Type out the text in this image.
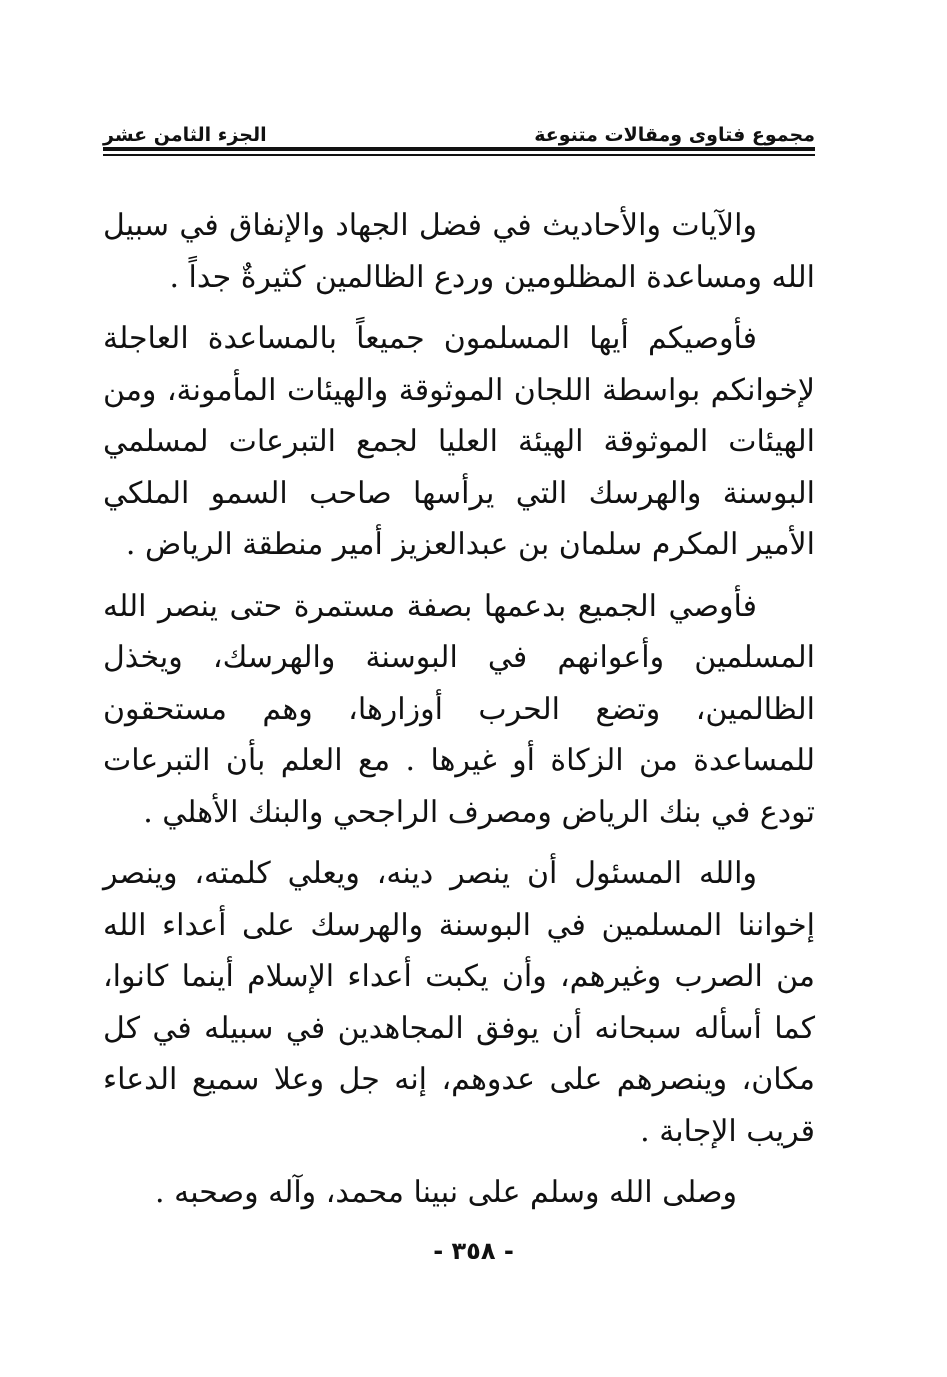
مجموع فتاوى ومقالات متنوعة
الجزء الثامن عشر

والآيات والأحاديث في فضل الجهاد والإنفاق في سبيل الله ومساعدة المظلومين وردع الظالمين كثيرةٌ جداً .

فأوصيكم أيها المسلمون جميعاً بالمساعدة العاجلة لإخوانكم بواسطة اللجان الموثوقة والهيئات المأمونة، ومن الهيئات الموثوقة الهيئة العليا لجمع التبرعات لمسلمي البوسنة والهرسك التي يرأسها صاحب السمو الملكي الأمير المكرم سلمان بن عبدالعزيز أمير منطقة الرياض .

فأوصي الجميع بدعمها بصفة مستمرة حتى ينصر الله المسلمين وأعوانهم في البوسنة والهرسك، ويخذل الظالمين، وتضع الحرب أوزارها، وهم مستحقون للمساعدة من الزكاة أو غيرها . مع العلم بأن التبرعات تودع في بنك الرياض ومصرف الراجحي والبنك الأهلي .

والله المسئول أن ينصر دينه، ويعلي كلمته، وينصر إخواننا المسلمين في البوسنة والهرسك على أعداء الله من الصرب وغيرهم، وأن يكبت أعداء الإسلام أينما كانوا، كما أسأله سبحانه أن يوفق المجاهدين في سبيله في كل مكان، وينصرهم على عدوهم، إنه جل وعلا سميع الدعاء قريب الإجابة .

وصلى الله وسلم على نبينا محمد، وآله وصحبه .

- ٣٥٨ -
